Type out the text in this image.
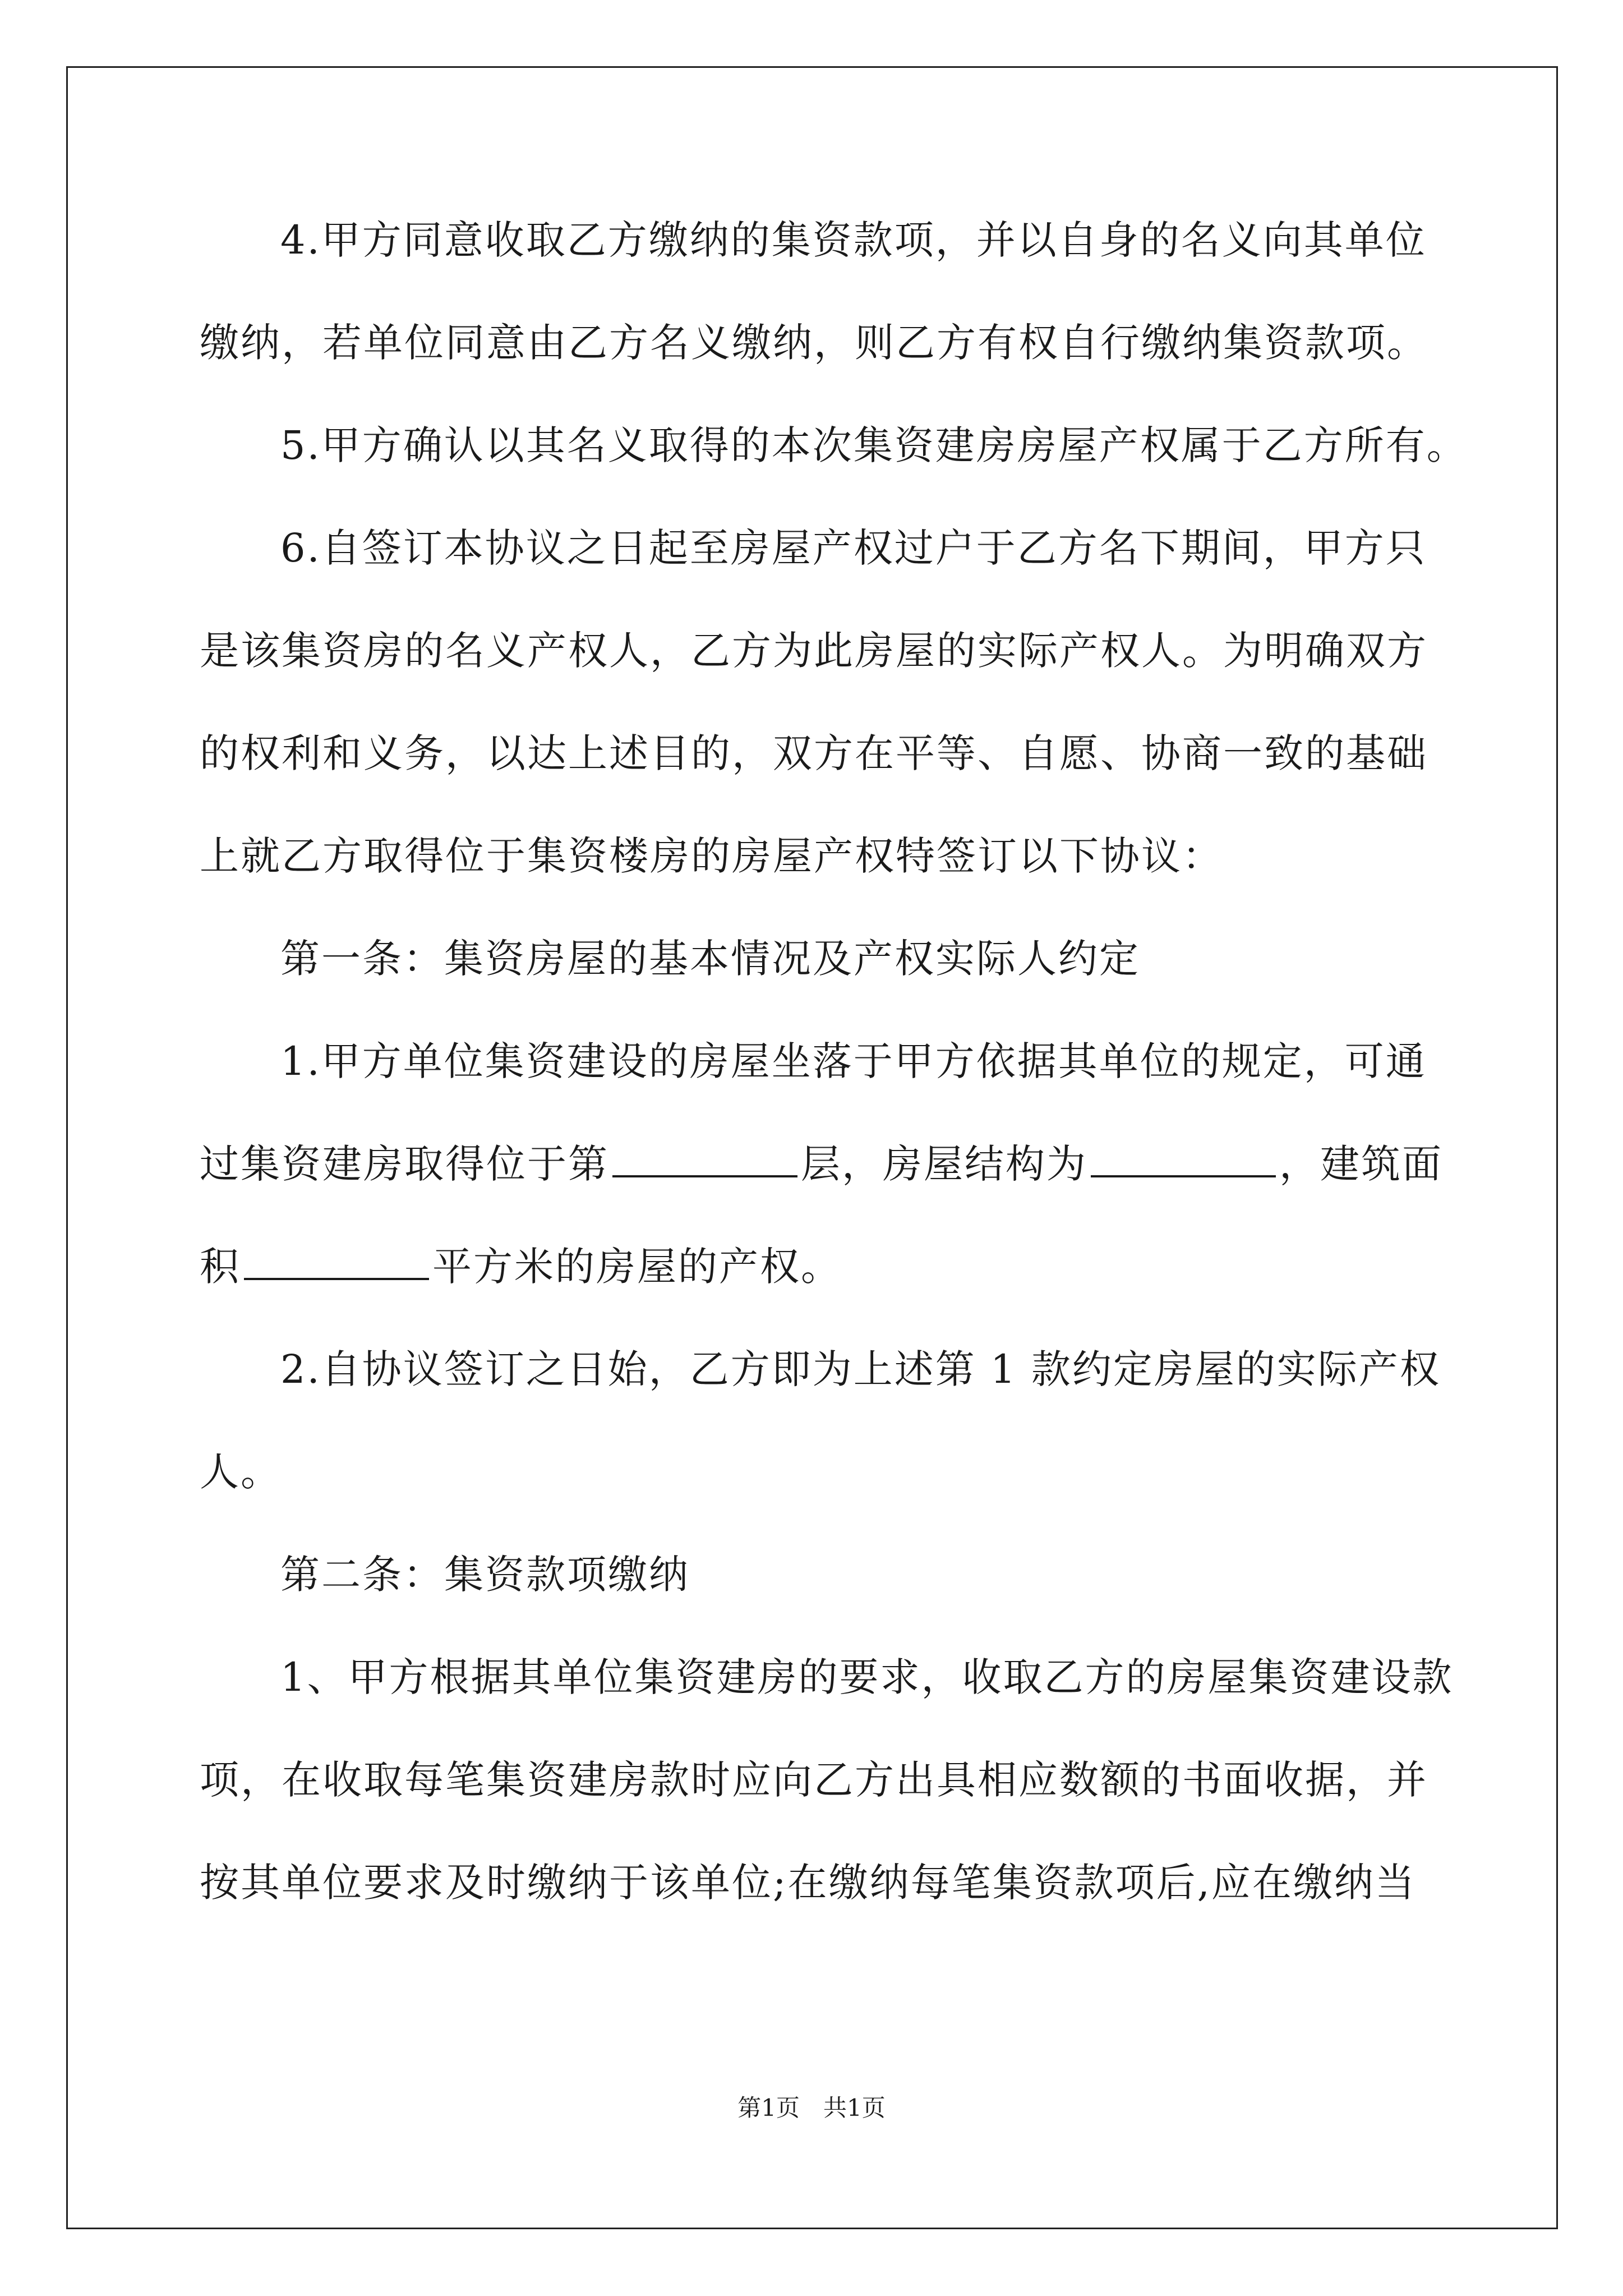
4.甲方同意收取乙方缴纳的集资款项，并以自身的名义向其单位
缴纳，若单位同意由乙方名义缴纳，则乙方有权自行缴纳集资款项。
5.甲方确认以其名义取得的本次集资建房房屋产权属于乙方所有。
6.自签订本协议之日起至房屋产权过户于乙方名下期间，甲方只
是该集资房的名义产权人，乙方为此房屋的实际产权人。为明确双方
的权利和义务，以达上述目的，双方在平等、自愿、协商一致的基础
上就乙方取得位于集资楼房的房屋产权特签订以下协议：
第一条：集资房屋的基本情况及产权实际人约定
1.甲方单位集资建设的房屋坐落于甲方依据其单位的规定，可通
过集资建房取得位于第	层，房屋结构为	，建筑面
积	平方米的房屋的产权。
2.自协议签订之日始，乙方即为上述第 1 款约定房屋的实际产权
人。
第二条：集资款项缴纳
1、甲方根据其单位集资建房的要求，收取乙方的房屋集资建设款
项，在收取每笔集资建房款时应向乙方出具相应数额的书面收据，并
按其单位要求及时缴纳于该单位;在缴纳每笔集资款项后,应在缴纳当
第1页　共1页
